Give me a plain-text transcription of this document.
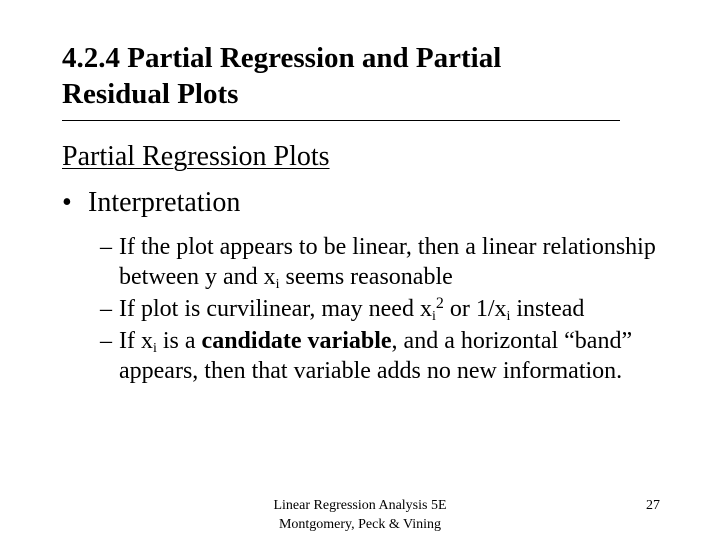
4.2.4 Partial Regression and Partial
Residual Plots
Partial Regression Plots
• Interpretation
– If the plot appears to be linear, then a linear relationship between y and $x_i$ seems reasonable
– If plot is curvilinear, may need $x_i^2$ or $1/x_i$ instead
– If $x_i$ is a candidate variable, and a horizontal “band” appears, then that variable adds no new information.
Linear Regression Analysis 5E
Montgomery, Peck & Vining
27
